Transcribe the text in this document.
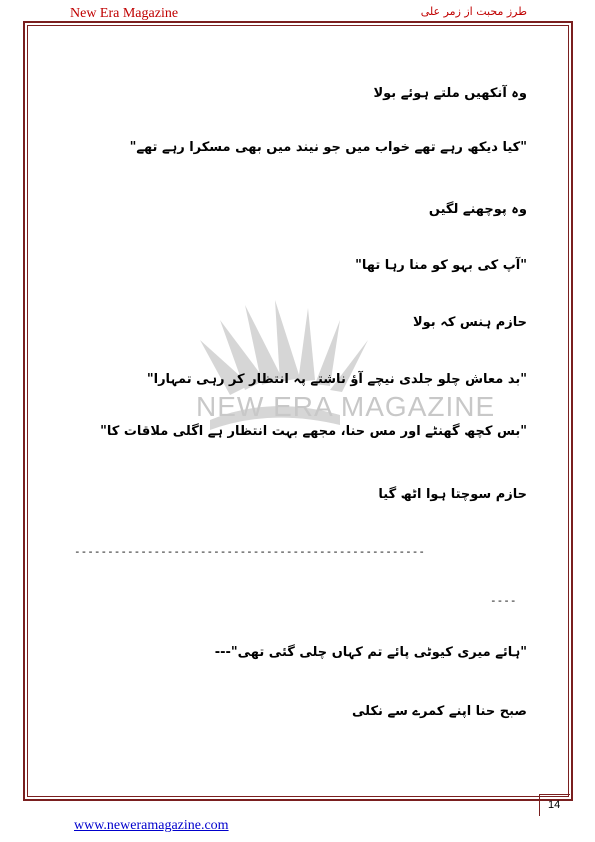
New Era Magazine	طرز محبت از زمر علی
NEW ERA MAGAZINE
وہ آنکھیں ملتے ہوئے بولا
"کیا دیکھ رہے تھے خواب میں جو نیند میں بھی مسکرا رہے تھے"
وہ پوچھنے لگیں
"آپ کی بہو کو منا رہا تھا"
حازم ہنس کہ بولا
"بد معاش چلو جلدی نیچے آؤ ناشتے پہ انتظار کر رہی تمہارا"
"بس کچھ گھنٹے اور مس حنا، مجھے بہت انتظار ہے اگلی ملاقات کا"
حازم سوچتا ہوا اٹھ گیا
-----------------------------------------------------
----
"ہائے میری کیوٹی پائے تم کہاں چلی گئی تھی"---
صبح حنا اپنے کمرے سے نکلی
14
www.neweramagazine.com
